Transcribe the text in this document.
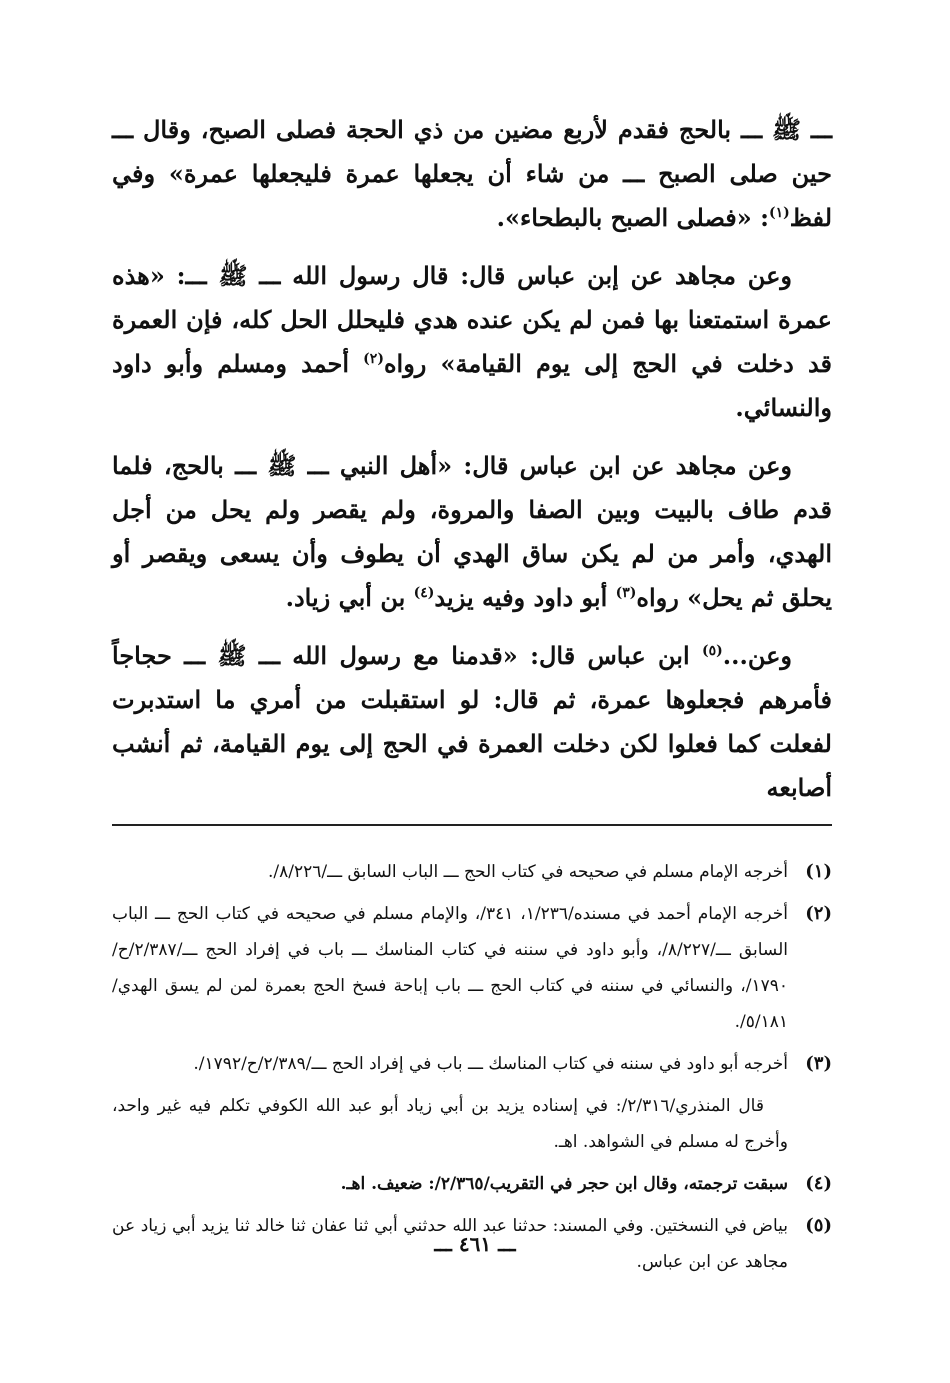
ـــ ﷺ ـــ بالحج فقدم لأربع مضين من ذي الحجة فصلى الصبح، وقال ـــ حين صلى الصبح ـــ من شاء أن يجعلها عمرة فليجعلها عمرة» وفي لفظ$^{(١)}$: «فصلى الصبح بالبطحاء».

وعن مجاهد عن إبن عباس قال: قال رسول الله ـــ ﷺ ـــ: «هذه عمرة استمتعنا بها فمن لم يكن عنده هدي فليحلل الحل كله، فإن العمرة قد دخلت في الحج إلى يوم القيامة» رواه$^{(٢)}$ أحمد ومسلم وأبو داود والنسائي.

وعن مجاهد عن ابن عباس قال: «أهل النبي ـــ ﷺ ـــ بالحج، فلما قدم طاف بالبيت وبين الصفا والمروة، ولم يقصر ولم يحل من أجل الهدي، وأمر من لم يكن ساق الهدي أن يطوف وأن يسعى ويقصر أو يحلق ثم يحل» رواه$^{(٣)}$ أبو داود وفيه يزيد$^{(٤)}$ بن أبي زياد.

وعن...$^{(٥)}$ ابن عباس قال: «قدمنا مع رسول الله ـــ ﷺ ـــ حجاجاً فأمرهم فجعلوها عمرة، ثم قال: لو استقبلت من أمري ما استدبرت لفعلت كما فعلوا لكن دخلت العمرة في الحج إلى يوم القيامة، ثم أنشب أصابعه

(١)

أخرجه الإمام مسلم في صحيحه في كتاب الحج ـــ الباب السابق ـــ/٨/٢٢٦/.

(٢)

أخرجه الإمام أحمد في مسنده/١/٢٣٦، ٣٤١/، والإمام مسلم في صحيحه في كتاب الحج ـــ الباب السابق ـــ/٨/٢٢٧/، وأبو داود في سننه في كتاب المناسك ـــ باب في إفراد الحج ـــ/٢/٣٨٧/ح/١٧٩٠/، والنسائي في سننه في كتاب الحج ـــ باب إباحة فسخ الحج بعمرة لمن لم يسق الهدي/٥/١٨١/.

(٣)

أخرجه أبو داود في سننه في كتاب المناسك ـــ باب في إفراد الحج ـــ/٢/٣٨٩/ح/١٧٩٢/.

قال المنذري/٢/٣١٦/: في إسناده يزيد بن أبي زياد أبو عبد الله الكوفي تكلم فيه غير واحد، وأخرج له مسلم في الشواهد. اهـ.

(٤)

سبقت ترجمته، وقال ابن حجر في التقريب/٢/٣٦٥/: ضعيف. اهـ.

(٥)

بياض في النسختين. وفي المسند: حدثنا عبد الله حدثني أبي ثنا عفان ثنا خالد ثنا يزيد أبي زياد عن مجاهد عن ابن عباس.

ـــ ٤٦١ ـــ
